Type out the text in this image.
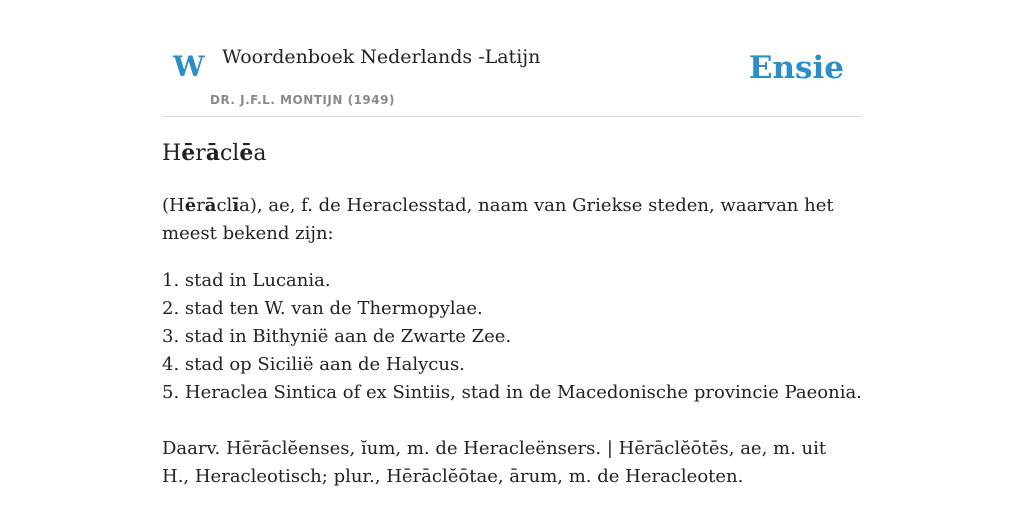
W Woordenboek Nederlands -Latijn
DR. J.F.L. MONTIJN (1949)
Ensie
Hērāclēa

(Hērāclīa), ae, f. de Heraclesstad, naam van Griekse steden, waarvan het meest bekend zijn:

1. stad in Lucania.
2. stad ten W. van de Thermopylae.
3. stad in Bithynië aan de Zwarte Zee.
4. stad op Sicilië aan de Halycus.
5. Heraclea Sintica of ex Sintiis, stad in de Macedonische provincie Paeonia.

Daarv. Hērāclĕenses, ĭum, m. de Heracleënsers. | Hērāclĕōtēs, ae, m. uit H., Heracleotisch; plur., Hērāclĕōtae, ārum, m. de Heracleoten.
